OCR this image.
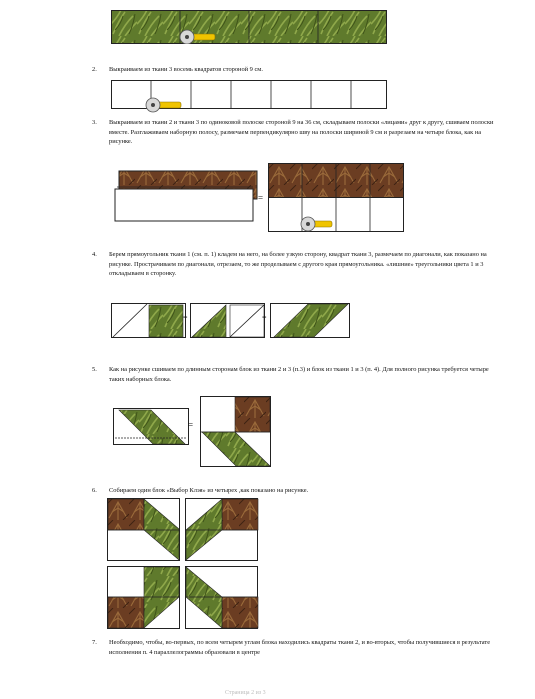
2.	Выкраиваем из ткани 3 восемь квадратов стороной 9 см.
3.	Выкраиваем из ткани 2 и ткани 3 по одиноковой полоске стороной 9 на 36 см, складываем полоски «лицами» друг к другу, сшиваем полоски вместе. Разглаживаем наборную полосу, размечаем перпендикулярно шву на полоски шириной 9 см и разрезаем на четыре блока, как на рисунке.
=
4.	Берем прямоугольник ткани 1 (см. п. 1) кладем на него, на более узкую сторону, квадрат ткани 3, размечаем по диагонали, как показано на рисунке. Прострачиваем по диагонали, отрезаем, то же проделываем с другого края прямоугольника. «лишние» треугольники цвета 1 и 3 откладываем в сторонку.
=	=
5.	Как на рисунке сшиваем по длинным сторонам блок из ткани 2 и 3 (п.3) и блок из ткани 1 и 3 (п. 4). Для полного рисунка требуется четыре таких наборных блока.
=
6.	Собираем один блок «Выбор Клэя» из четырех ,как показано на рисунке.
7.	Необходимо, чтобы, во-первых, по всем четырем углам блока находились квадраты ткани 2, и во-вторых, чтобы получившиеся в результате исполнения п. 4 параллелограммы образовали в центре
Страница 2 из 3
